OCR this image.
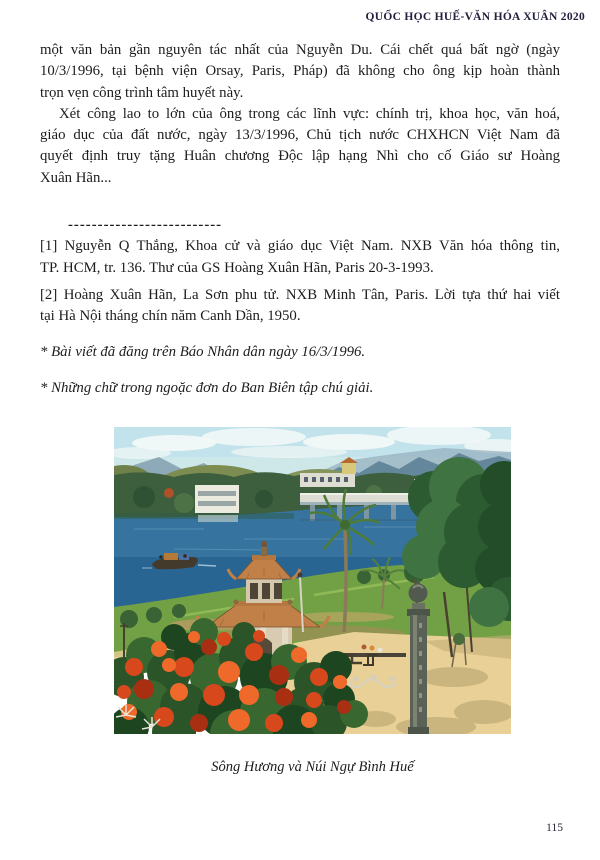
QUỐC HỌC HUẾ-VĂN HÓA XUÂN 2020
một văn bản gần nguyên tác nhất của Nguyễn Du. Cái chết quá bất ngờ (ngày
10/3/1996, tại bệnh viện Orsay, Paris, Pháp) đã không cho ông kịp hoàn thành
trọn vẹn công trình tâm huyết này.
Xét công lao to lớn của ông trong các lĩnh vực: chính trị, khoa học, văn hoá,
giáo dục của đất nước, ngày 13/3/1996, Chủ tịch nước CHXHCN Việt Nam đã
quyết định truy tặng Huân chương Độc lập hạng Nhì cho cố Giáo sư Hoàng
Xuân Hãn...
--------------------------
[1] Nguyễn Q Thắng, Khoa cử và giáo dục Việt Nam. NXB Văn hóa thông tin,
TP. HCM, tr. 136. Thư của GS Hoàng Xuân Hãn, Paris 20-3-1993.
[2] Hoàng Xuân Hãn, La Sơn phu tử. NXB Minh Tân, Paris. Lời tựa thứ hai viết
tại Hà Nội tháng chín năm Canh Dần, 1950.
* Bài viết đã đăng trên Báo Nhân dân ngày 16/3/1996.
* Những chữ trong ngoặc đơn do Ban Biên tập chú giải.
Sông Hương và Núi Ngự Bình Huế
115
